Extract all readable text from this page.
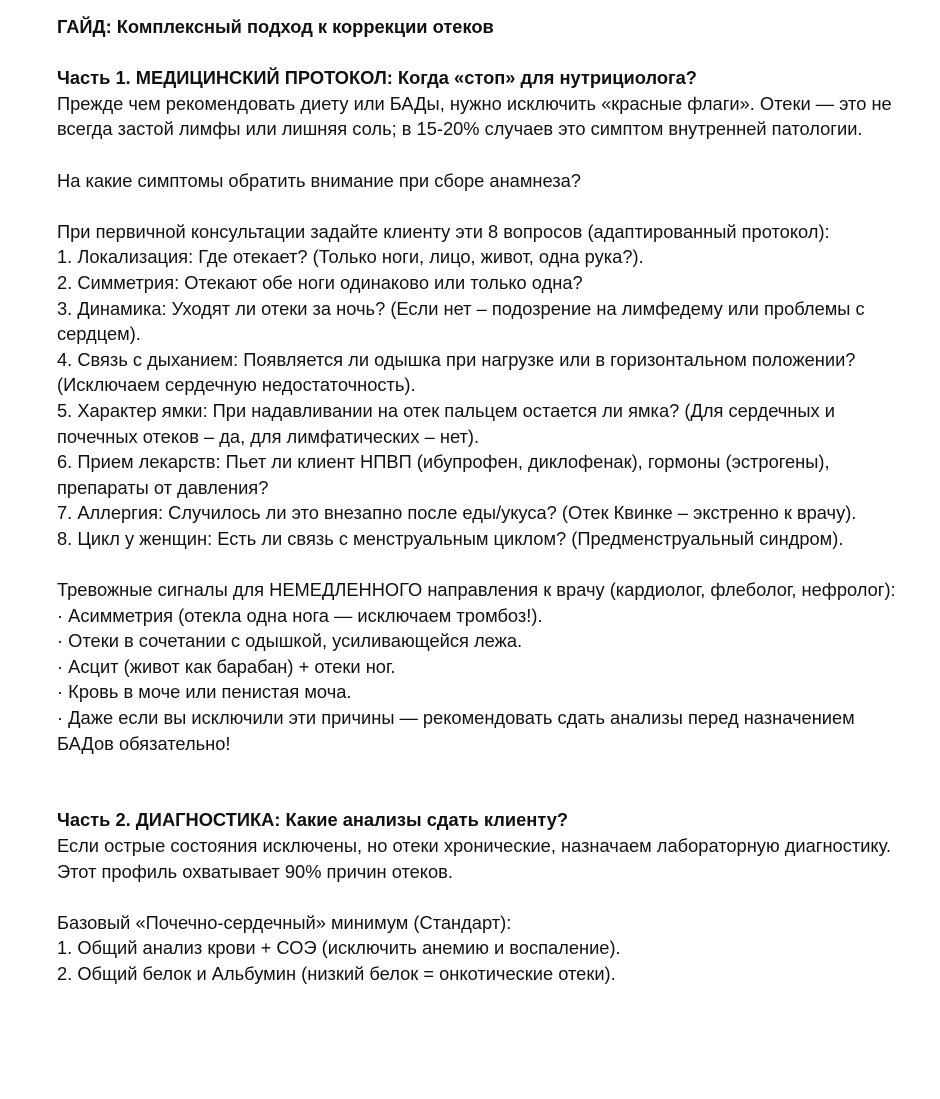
ГАЙД: Комплексный подход к коррекции отеков

Часть 1. МЕДИЦИНСКИЙ ПРОТОКОЛ: Когда «стоп» для нутрициолога?

Прежде чем рекомендовать диету или БАДы, нужно исключить «красные флаги». Отеки — это не всегда застой лимфы или лишняя соль; в 15-20% случаев это симптом внутренней патологии.

На какие симптомы обратить внимание при сборе анамнеза?

При первичной консультации задайте клиенту эти 8 вопросов (адаптированный протокол):

1. Локализация: Где отекает? (Только ноги, лицо, живот, одна рука?).

2. Симметрия: Отекают обе ноги одинаково или только одна?

3. Динамика: Уходят ли отеки за ночь? (Если нет – подозрение на лимфедему или проблемы с сердцем).

4. Связь с дыханием: Появляется ли одышка при нагрузке или в горизонтальном положении? (Исключаем сердечную недостаточность).

5. Характер ямки: При надавливании на отек пальцем остается ли ямка? (Для сердечных и почечных отеков – да, для лимфатических – нет).

6. Прием лекарств: Пьет ли клиент НПВП (ибупрофен, диклофенак), гормоны (эстрогены), препараты от давления?

7. Аллергия: Случилось ли это внезапно после еды/укуса? (Отек Квинке – экстренно к врачу).

8. Цикл у женщин: Есть ли связь с менструальным циклом? (Предменструальный синдром).

Тревожные сигналы для НЕМЕДЛЕННОГО направления к врачу (кардиолог, флеболог, нефролог):

· Асимметрия (отекла одна нога — исключаем тромбоз!).

· Отеки в сочетании с одышкой, усиливающейся лежа.

· Асцит (живот как барабан) + отеки ног.

· Кровь в моче или пенистая моча.

· Даже если вы исключили эти причины — рекомендовать сдать анализы перед назначением БАДов обязательно!

Часть 2. ДИАГНОСТИКА: Какие анализы сдать клиенту?

Если острые состояния исключены, но отеки хронические, назначаем лабораторную диагностику. Этот профиль охватывает 90% причин отеков.

Базовый «Почечно-сердечный» минимум (Стандарт):

1. Общий анализ крови + СОЭ (исключить анемию и воспаление).

2. Общий белок и Альбумин (низкий белок = онкотические отеки).
